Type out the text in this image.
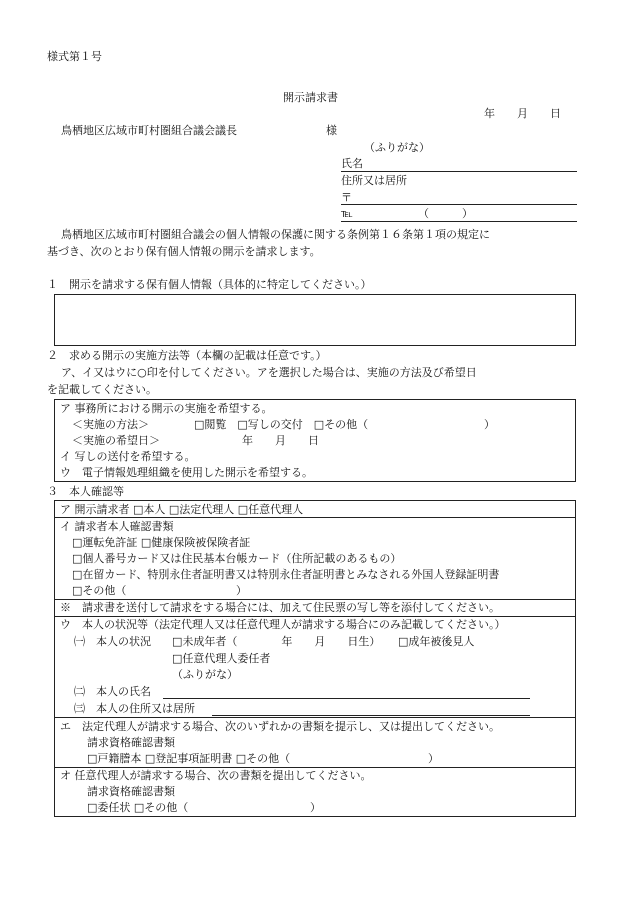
様式第１号
開示請求書
年　　月　　日
鳥栖地区広域市町村圏組合議会議長	様
（ふりがな）
氏名
住所又は居所
〒
℡	（　　　）
鳥栖地区広域市町村圏組合議会の個人情報の保護に関する条例第１６条第１項の規定に
基づき、次のとおり保有個人情報の開示を請求します。
１　開示を請求する保有個人情報（具体的に特定してください。）
２　求める開示の実施方法等（本欄の記載は任意です。）
ア、イ又はウに○印を付してください。アを選択した場合は、実施の方法及び希望日
を記載してください。
ア 事務所における開示の実施を希望する。
＜実施の方法＞	□閲覧　□写しの交付　□その他（	）
＜実施の希望日＞	年　　月　　日
イ 写しの送付を希望する。
ウ　電子情報処理組織を使用した開示を希望する。
３　本人確認等
ア 開示請求者 □本人 □法定代理人 □任意代理人
イ 請求者本人確認書類
□運転免許証 □健康保険被保険者証
□個人番号カード又は住民基本台帳カード（住所記載のあるもの）
□在留カード、特別永住者証明書又は特別永住者証明書とみなされる外国人登録証明書
□その他（	）
※　請求書を送付して請求をする場合には、加えて住民票の写し等を添付してください。
ウ　本人の状況等（法定代理人又は任意代理人が請求する場合にのみ記載してください。）
㈠　本人の状況 □未成年者（　　　　年　　月　　日生） □成年被後見人
□任意代理人委任者
（ふりがな）
㈡　本人の氏名
㈢　本人の住所又は居所
エ　法定代理人が請求する場合、次のいずれかの書類を提示し、又は提出してください。
請求資格確認書類
□戸籍謄本 □登記事項証明書 □その他（	）
オ 任意代理人が請求する場合、次の書類を提出してください。
請求資格確認書類
□委任状 □その他（	）
